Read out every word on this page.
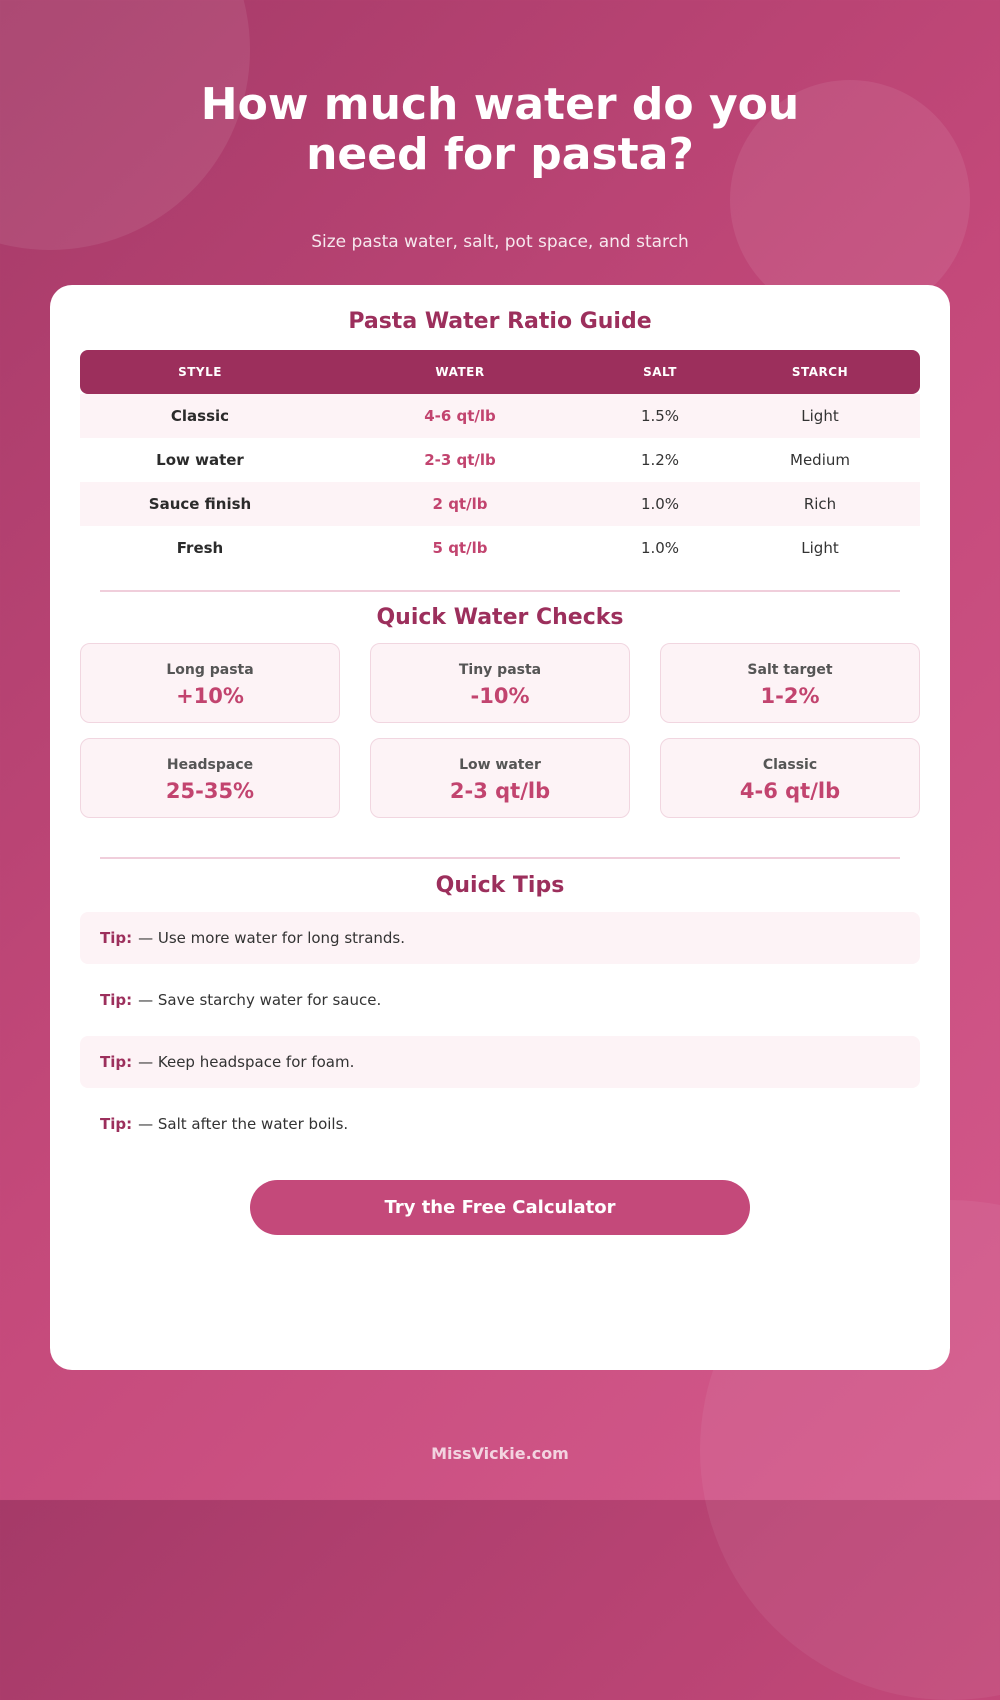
How much water do you
need for pasta?
Size pasta water, salt, pot space, and starch
Pasta Water Ratio Guide
STYLE	WATER	SALT	STARCH
Classic	4-6 qt/lb	1.5%	Light
Low water	2-3 qt/lb	1.2%	Medium
Sauce finish	2 qt/lb	1.0%	Rich
Fresh	5 qt/lb	1.0%	Light
Quick Water Checks
Long pasta
+10%
Tiny pasta
-10%
Salt target
1-2%
Headspace
25-35%
Low water
2-3 qt/lb
Classic
4-6 qt/lb
Quick Tips
Tip: — Use more water for long strands.
Tip: — Save starchy water for sauce.
Tip: — Keep headspace for foam.
Tip: — Salt after the water boils.
Try the Free Calculator
MissVickie.com
